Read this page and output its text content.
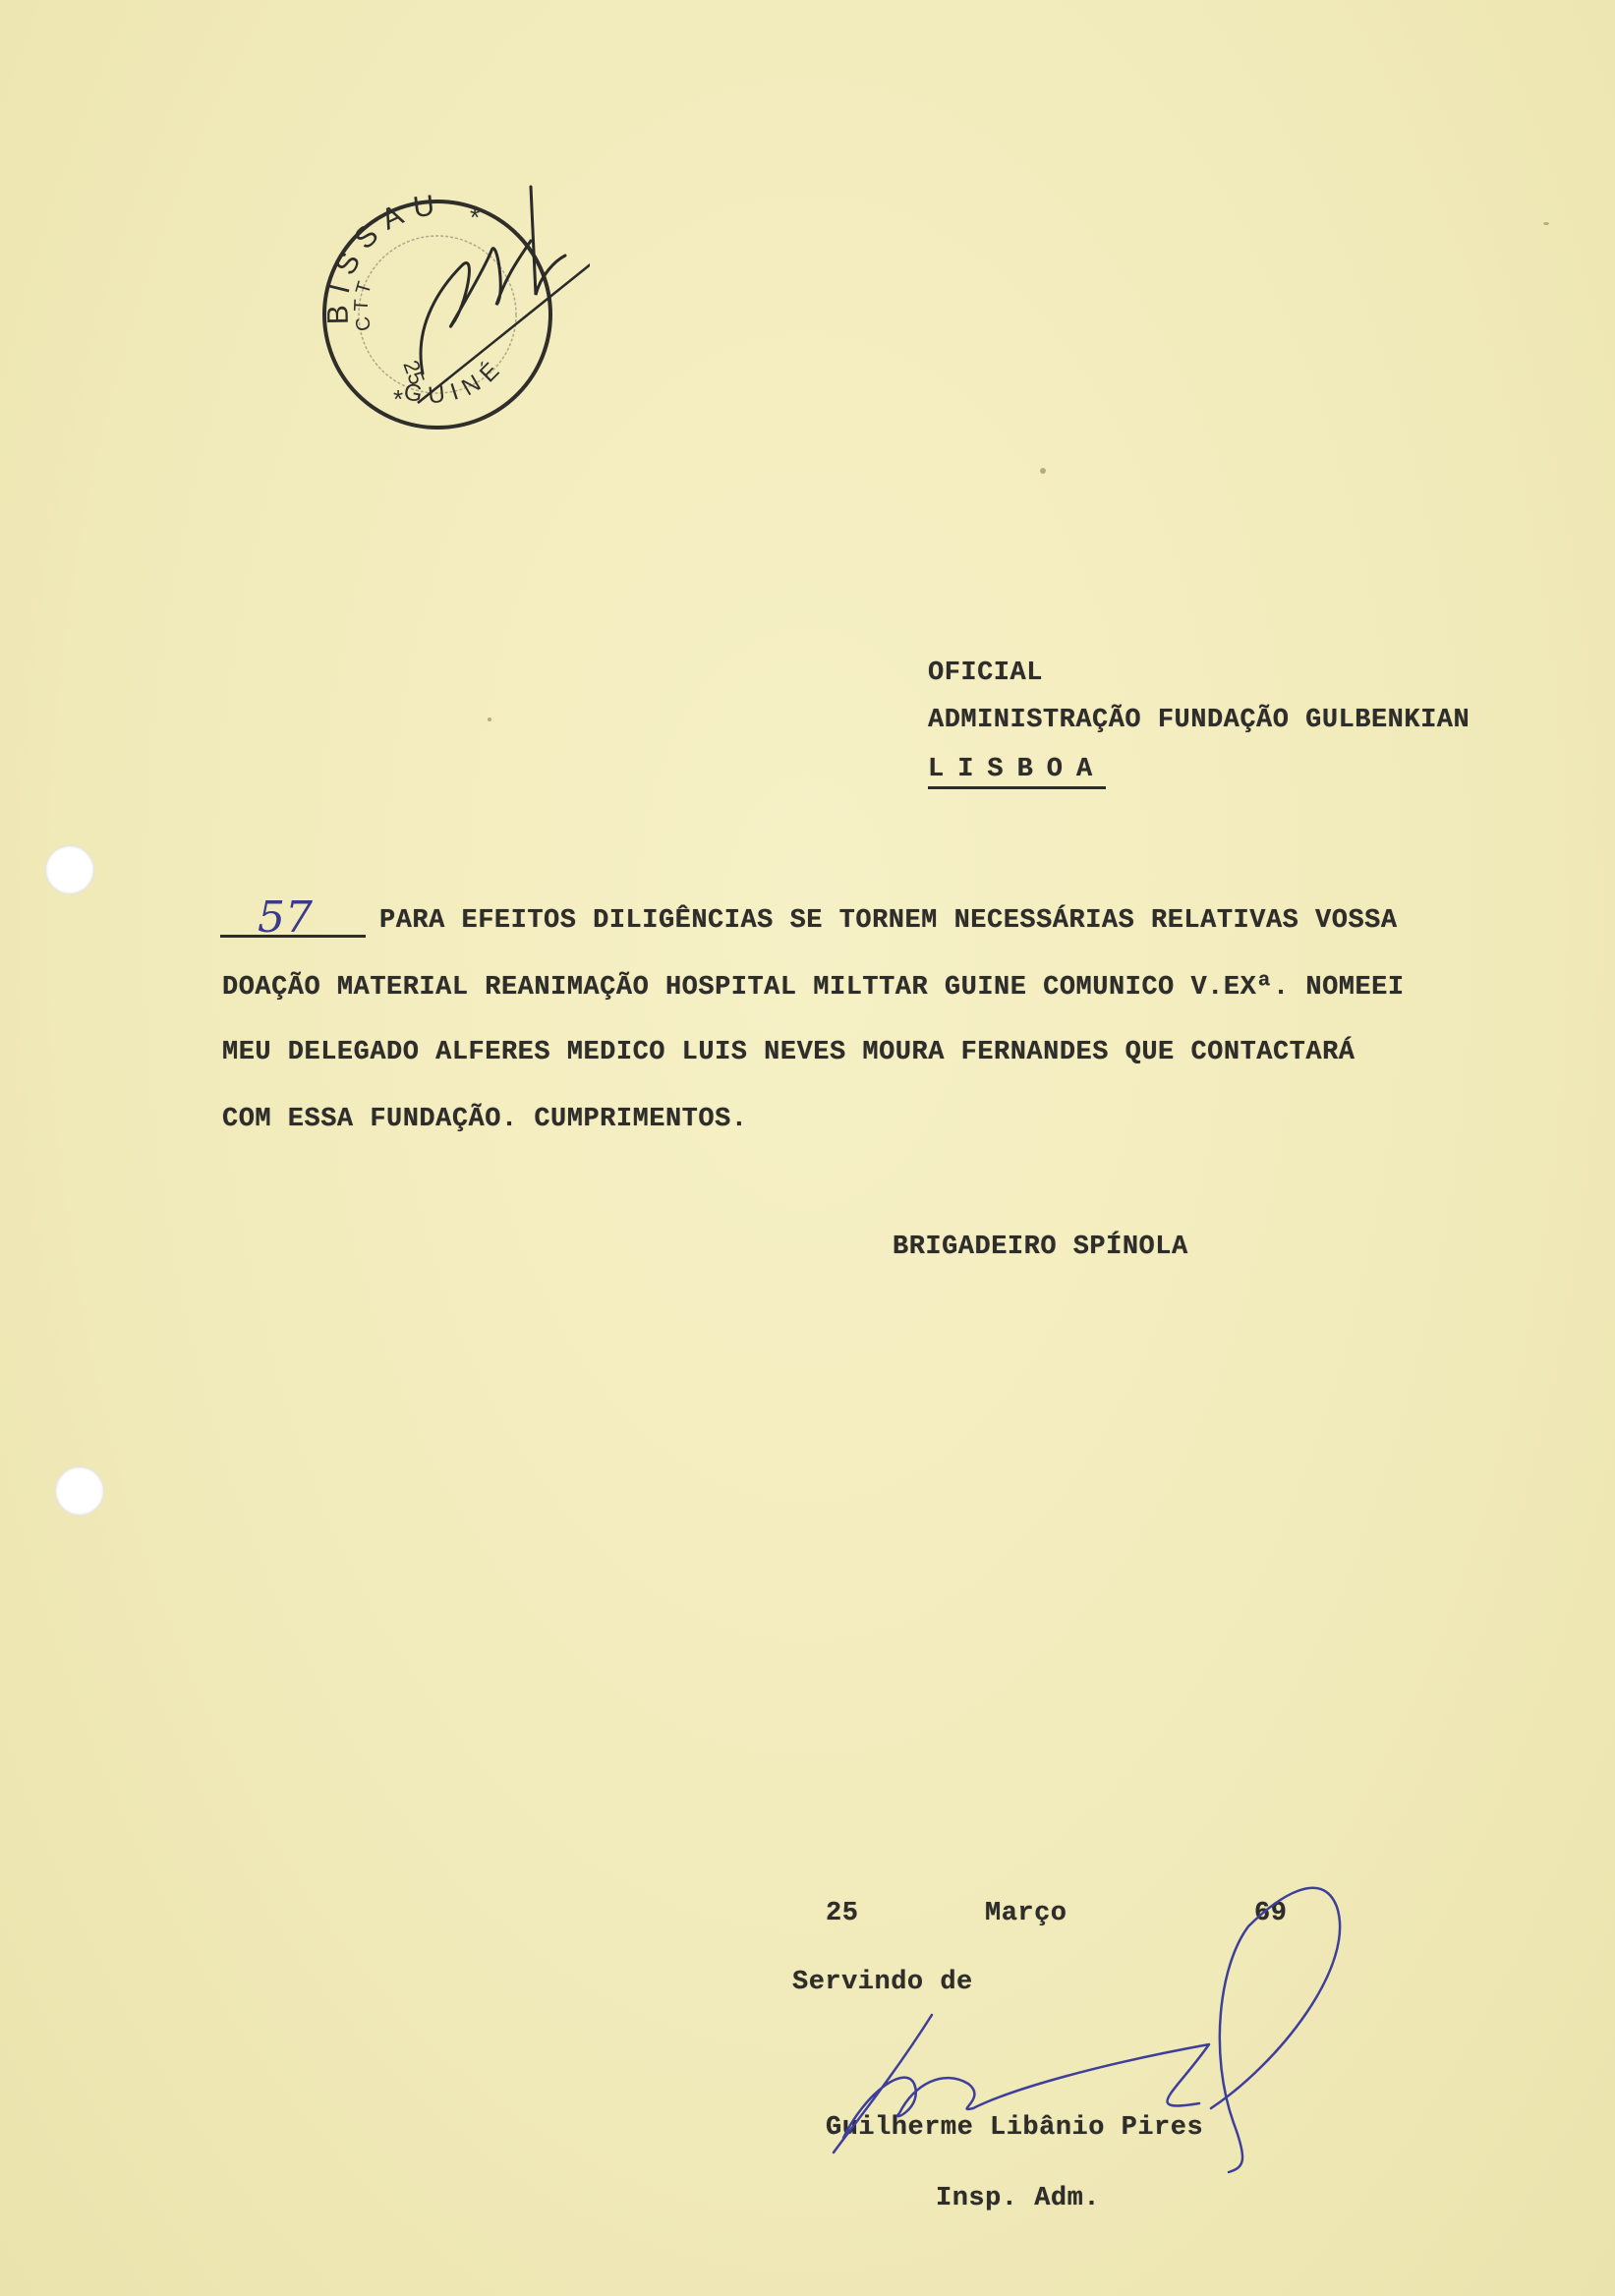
BISSAU
GUINÉ
CTT
25
*
*
OFICIAL
ADMINISTRAÇÃO FUNDAÇÃO GULBENKIAN
LISBOA
57	PARA EFEITOS DILIGÊNCIAS SE TORNEM NECESSÁRIAS RELATIVAS VOSSA
DOAÇÃO MATERIAL REANIMAÇÃO HOSPITAL MILTTAR GUINE COMUNICO V.EXª. NOMEEI
MEU DELEGADO ALFERES MEDICO LUIS NEVES MOURA FERNANDES QUE CONTACTARÁ
COM ESSA FUNDAÇÃO. CUMPRIMENTOS.
BRIGADEIRO SPÍNOLA
25	Março	69
Servindo de
Guilherme Libânio Pires
Insp. Adm.
